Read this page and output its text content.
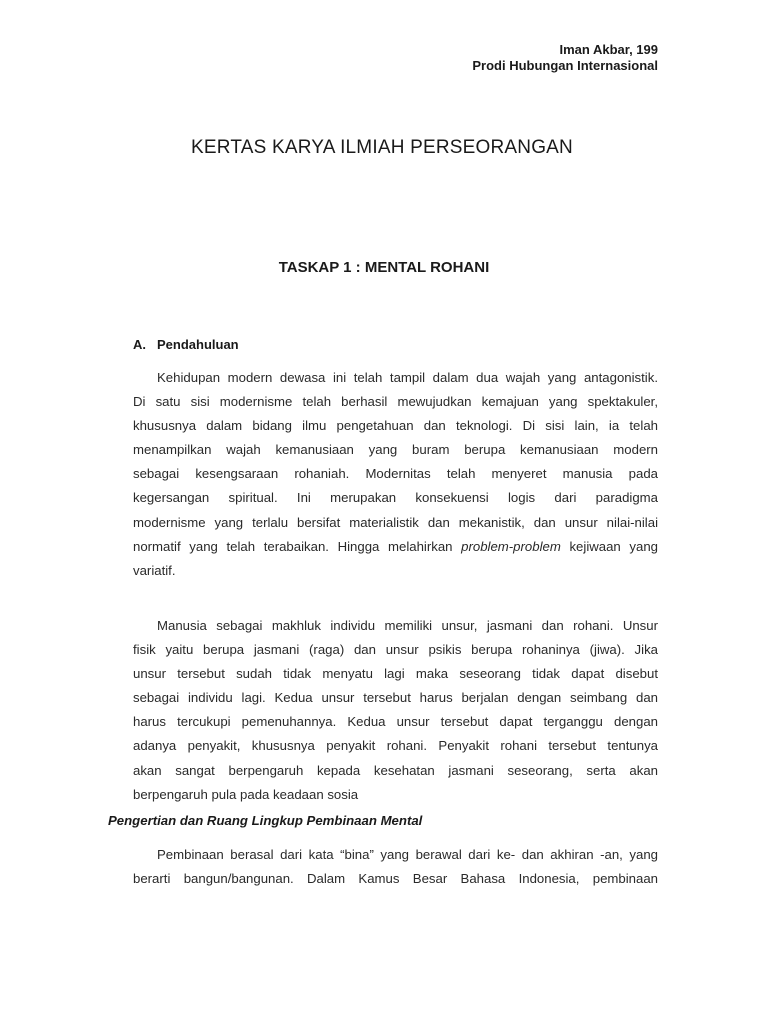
Iman Akbar, 199
Prodi Hubungan Internasional
KERTAS KARYA ILMIAH PERSEORANGAN
TASKAP 1 : MENTAL ROHANI
A. Pendahuluan

Kehidupan modern dewasa ini telah tampil dalam dua wajah yang antagonistik.
Di satu sisi modernisme telah berhasil mewujudkan kemajuan yang spektakuler,
khususnya dalam bidang ilmu pengetahuan dan teknologi. Di sisi lain, ia telah
menampilkan wajah kemanusiaan yang buram berupa kemanusiaan modern
sebagai kesengsaraan rohaniah. Modernitas telah menyeret manusia pada
kegersangan spiritual. Ini merupakan konsekuensi logis dari paradigma
modernisme yang terlalu bersifat materialistik dan mekanistik, dan unsur nilai-nilai
normatif yang telah terabaikan. Hingga melahirkan problem-problem kejiwaan yang
variatif.

Manusia sebagai makhluk individu memiliki unsur, jasmani dan rohani. Unsur
fisik yaitu berupa jasmani (raga) dan unsur psikis berupa rohaninya (jiwa). Jika
unsur tersebut sudah tidak menyatu lagi maka seseorang tidak dapat disebut
sebagai individu lagi. Kedua unsur tersebut harus berjalan dengan seimbang dan
harus tercukupi pemenuhannya. Kedua unsur tersebut dapat terganggu dengan
adanya penyakit, khususnya penyakit rohani. Penyakit rohani tersebut tentunya
akan sangat berpengaruh kepada kesehatan jasmani seseorang, serta akan
berpengaruh pula pada keadaan sosia

Pengertian dan Ruang Lingkup Pembinaan Mental

Pembinaan berasal dari kata “bina” yang berawal dari ke- dan akhiran -an, yang
berarti bangun/bangunan. Dalam Kamus Besar Bahasa Indonesia, pembinaan
